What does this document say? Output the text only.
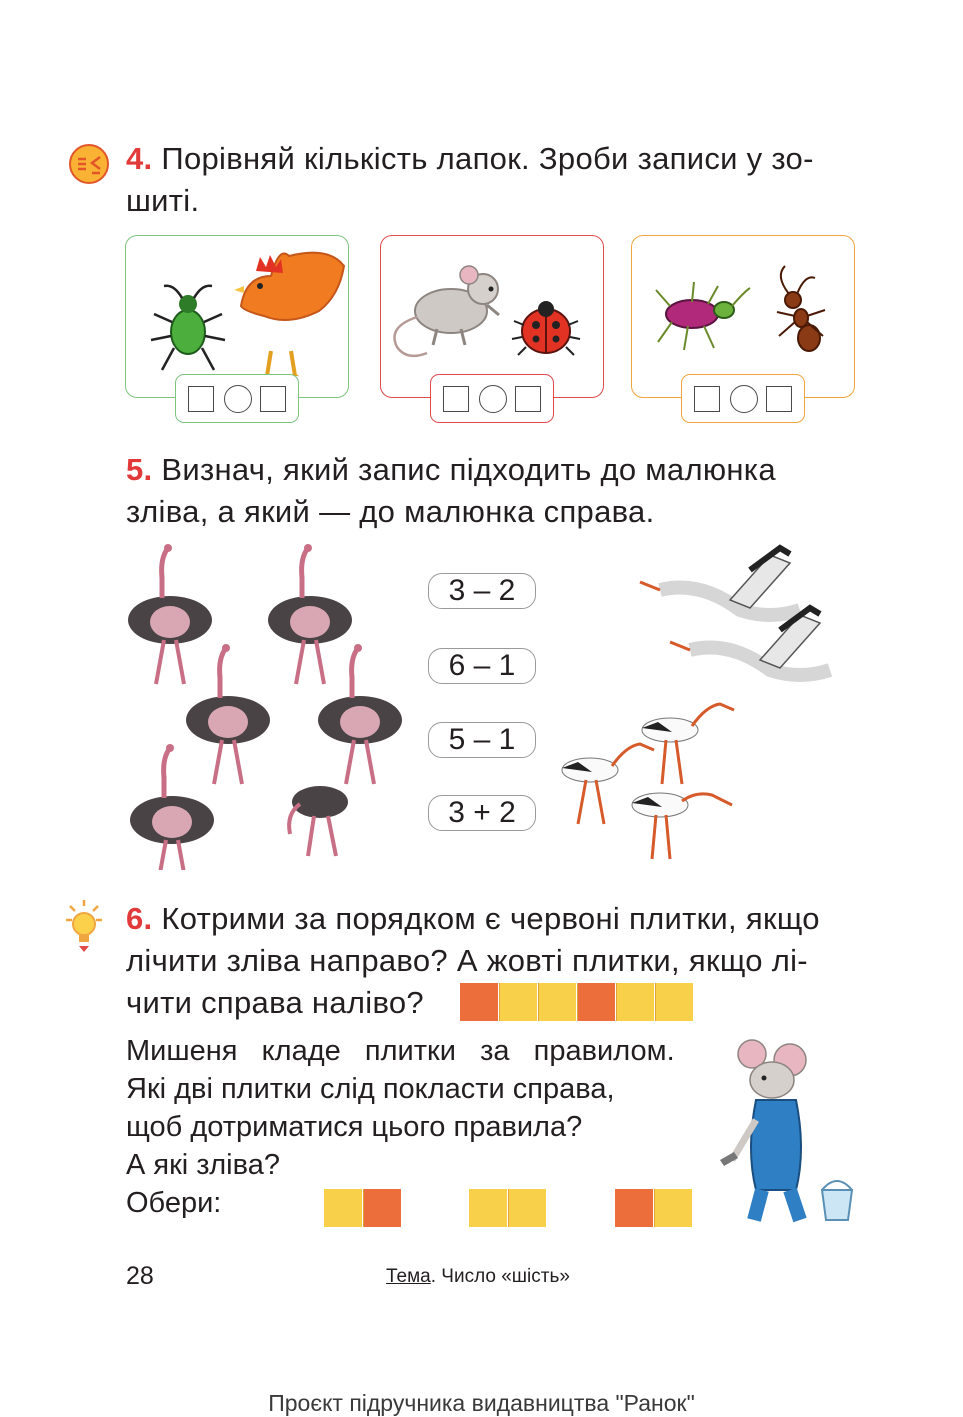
4. Порівняй кількість лапок. Зроби записи у зо-
шиті.
5. Визнач, який запис підходить до малюнка
зліва, а який — до малюнка справа.
3 – 2
6 – 1
5 – 1
3 + 2
6. Котрими за порядком є червоні плитки, якщо
лічити зліва направо? А жовті плитки, якщо лі-
чити справа наліво?
Мишеня   кладе   плитки   за   правилом.
Які дві плитки слід покласти справа,
щоб дотриматися цього правила?
А які зліва?
Обери:
28	Тема. Число «шість»
Проєкт підручника видавництва "Ранок"
